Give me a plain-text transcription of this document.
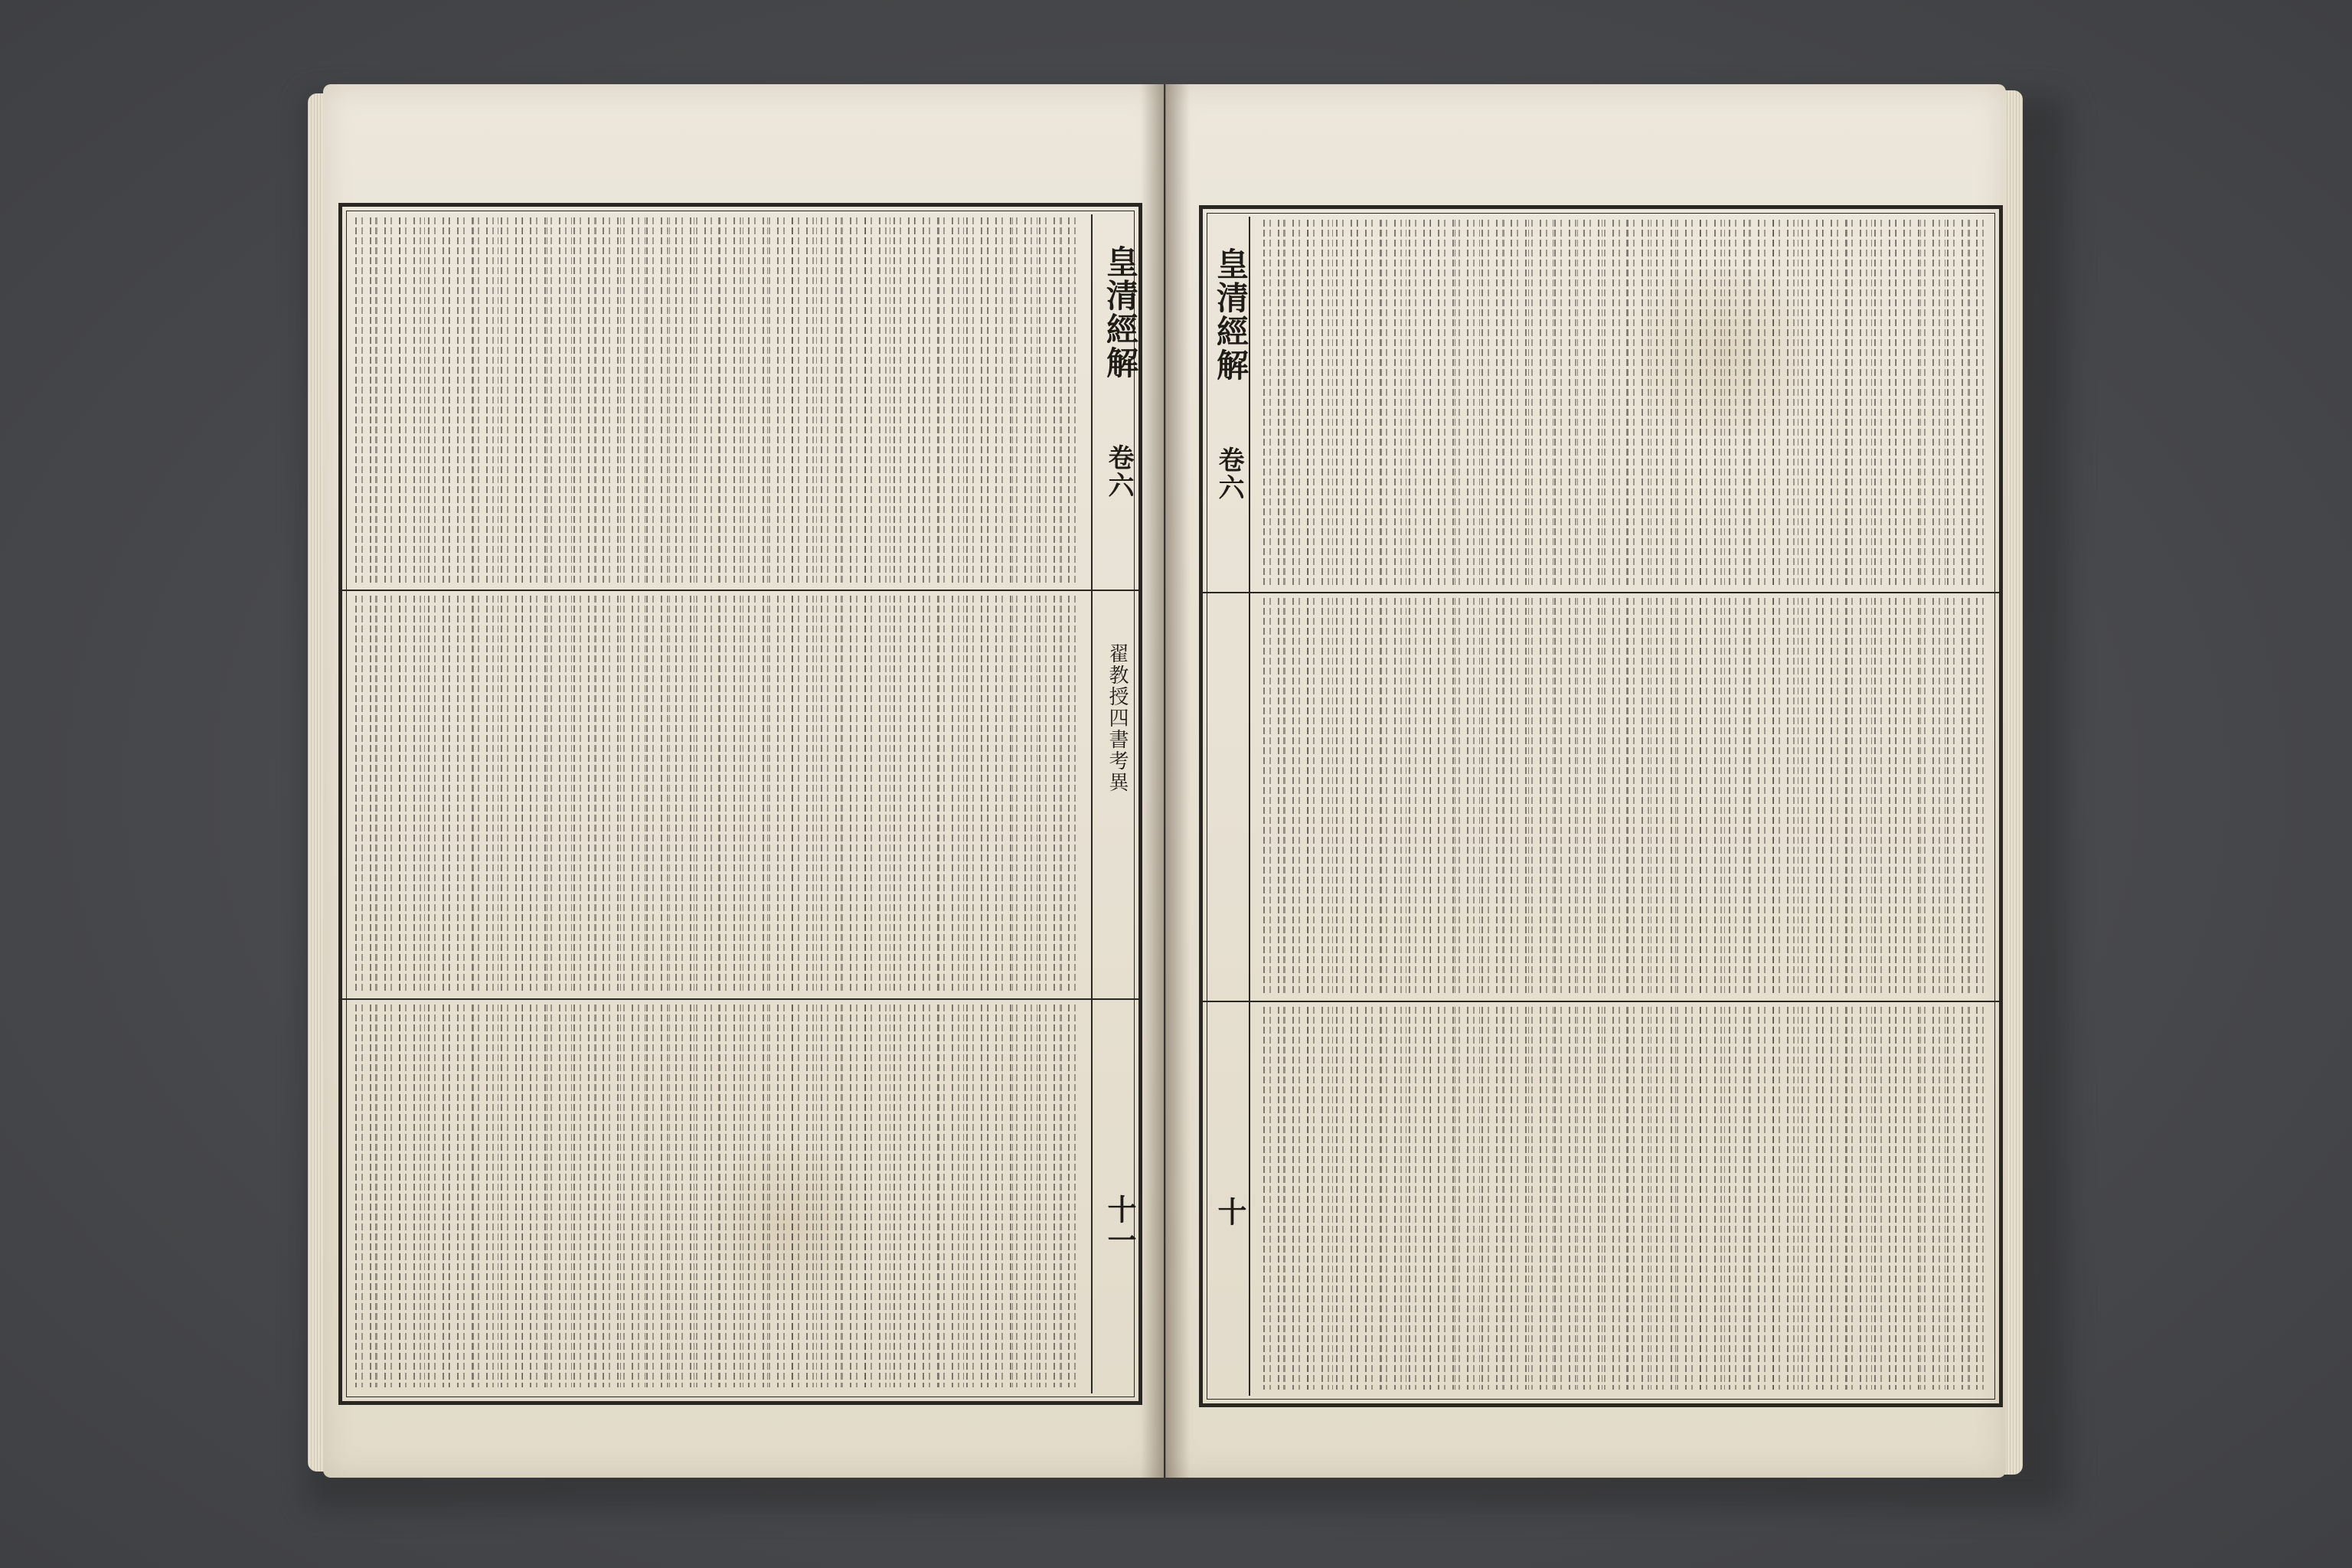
皇清經解
卷六
翟教授四書考異
十一
皇清經解
卷六
十
